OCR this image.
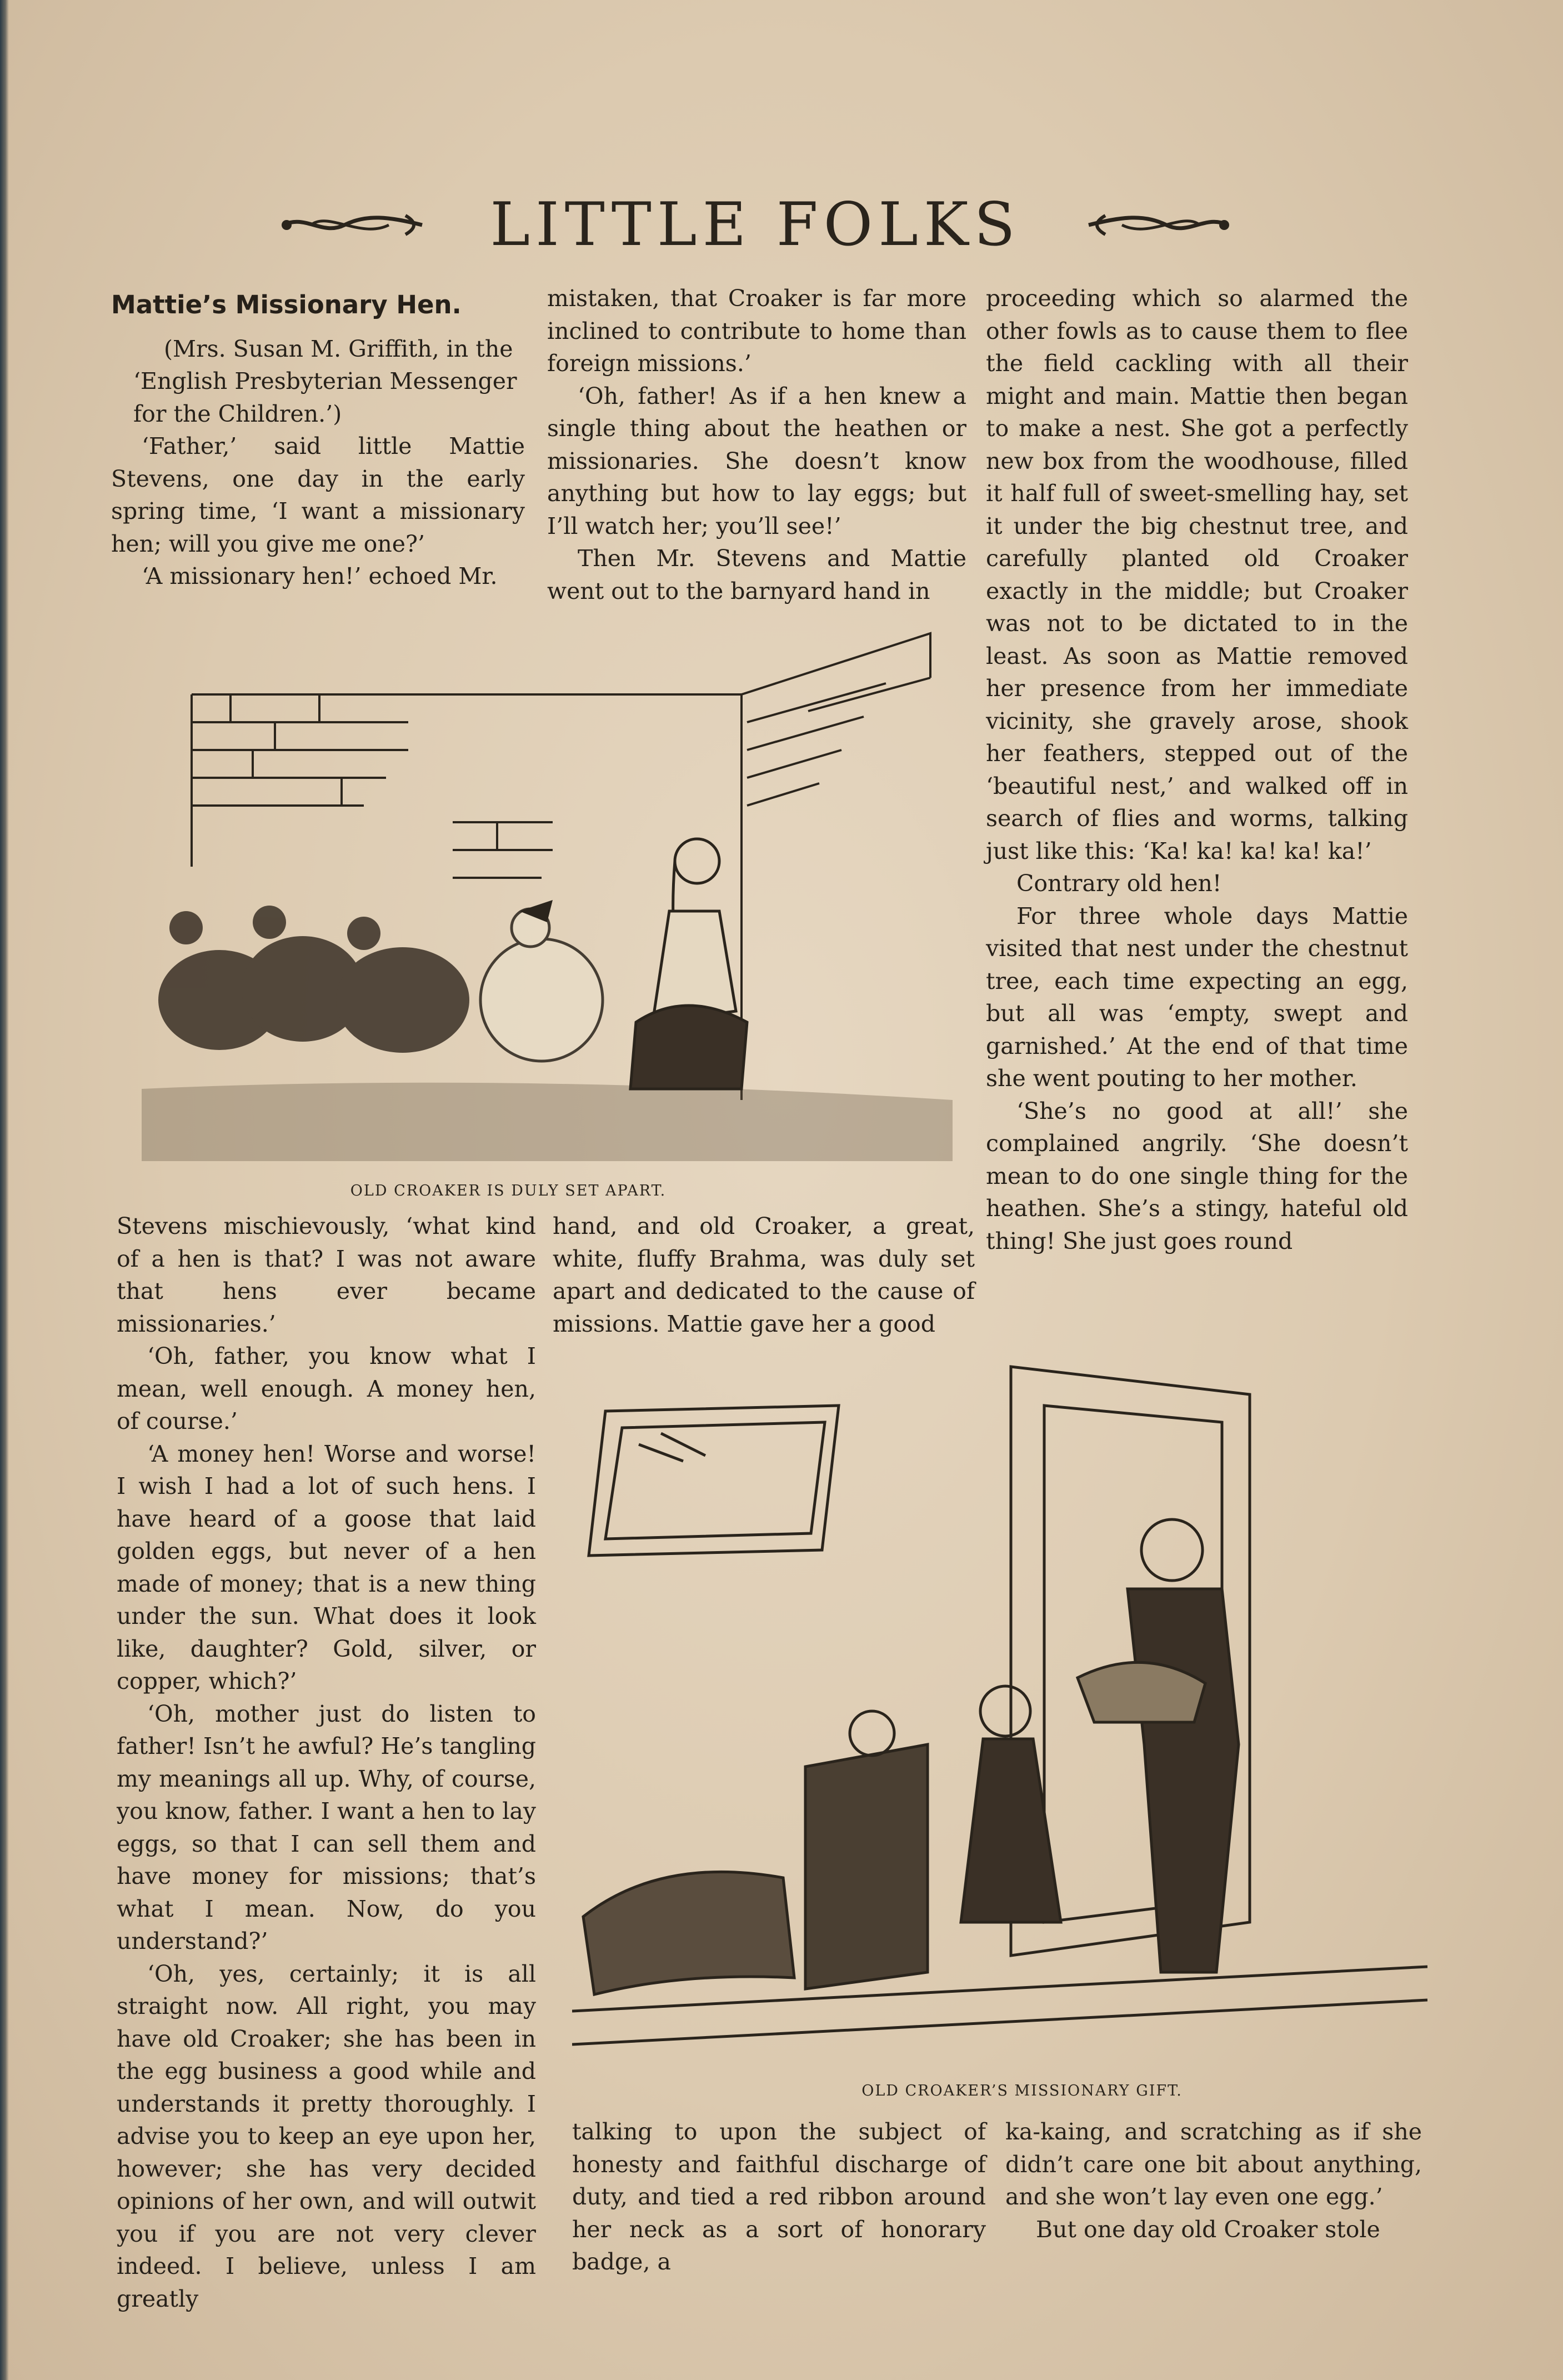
LITTLE FOLKS
Mattie’s Missionary Hen.

(Mrs. Susan M. Griffith, in the ‘English Presbyterian Messenger for the Children.’)

‘Father,’ said little Mattie Stevens, one day in the early spring time, ‘I want a missionary hen; will you give me one?’

‘A missionary hen!’ echoed Mr.

mistaken, that Croaker is far more inclined to contribute to home than foreign missions.’

‘Oh, father! As if a hen knew a single thing about the heathen or missionaries. She doesn’t know anything but how to lay eggs; but I’ll watch her; you’ll see!’

Then Mr. Stevens and Mattie went out to the barnyard hand in

proceeding which so alarmed the other fowls as to cause them to flee the field cackling with all their might and main. Mattie then began to make a nest. She got a perfectly new box from the woodhouse, filled it half full of sweet-smelling hay, set it under the big chestnut tree, and carefully planted old Croaker exactly in the middle; but Croaker was not to be dictated to in the least. As soon as Mattie removed her presence from her immediate vicinity, she gravely arose, shook her feathers, stepped out of the ‘beautiful nest,’ and walked off in search of flies and worms, talking just like this: ‘Ka! ka! ka! ka! ka!’

Contrary old hen!

For three whole days Mattie visited that nest under the chestnut tree, each time expecting an egg, but all was ‘empty, swept and garnished.’ At the end of that time she went pouting to her mother.

‘She’s no good at all!’ she complained angrily. ‘She doesn’t mean to do one single thing for the heathen. She’s a stingy, hateful old thing! She just goes round

OLD CROAKER IS DULY SET APART.

Stevens mischievously, ‘what kind of a hen is that? I was not aware that hens ever became missionaries.’

‘Oh, father, you know what I mean, well enough. A money hen, of course.’

‘A money hen! Worse and worse! I wish I had a lot of such hens. I have heard of a goose that laid golden eggs, but never of a hen made of money; that is a new thing under the sun. What does it look like, daughter? Gold, silver, or copper, which?’

‘Oh, mother just do listen to father! Isn’t he awful? He’s tangling my meanings all up. Why, of course, you know, father. I want a hen to lay eggs, so that I can sell them and have money for missions; that’s what I mean. Now, do you understand?’

‘Oh, yes, certainly; it is all straight now. All right, you may have old Croaker; she has been in the egg business a good while and understands it pretty thoroughly. I advise you to keep an eye upon her, however; she has very decided opinions of her own, and will outwit you if you are not very clever indeed. I believe, unless I am greatly

hand, and old Croaker, a great, white, fluffy Brahma, was duly set apart and dedicated to the cause of missions. Mattie gave her a good

OLD CROAKER’S MISSIONARY GIFT.

talking to upon the subject of honesty and faithful discharge of duty, and tied a red ribbon around her neck as a sort of honorary badge, a

ka-kaing, and scratching as if she didn’t care one bit about anything, and she won’t lay even one egg.’

But one day old Croaker stole
